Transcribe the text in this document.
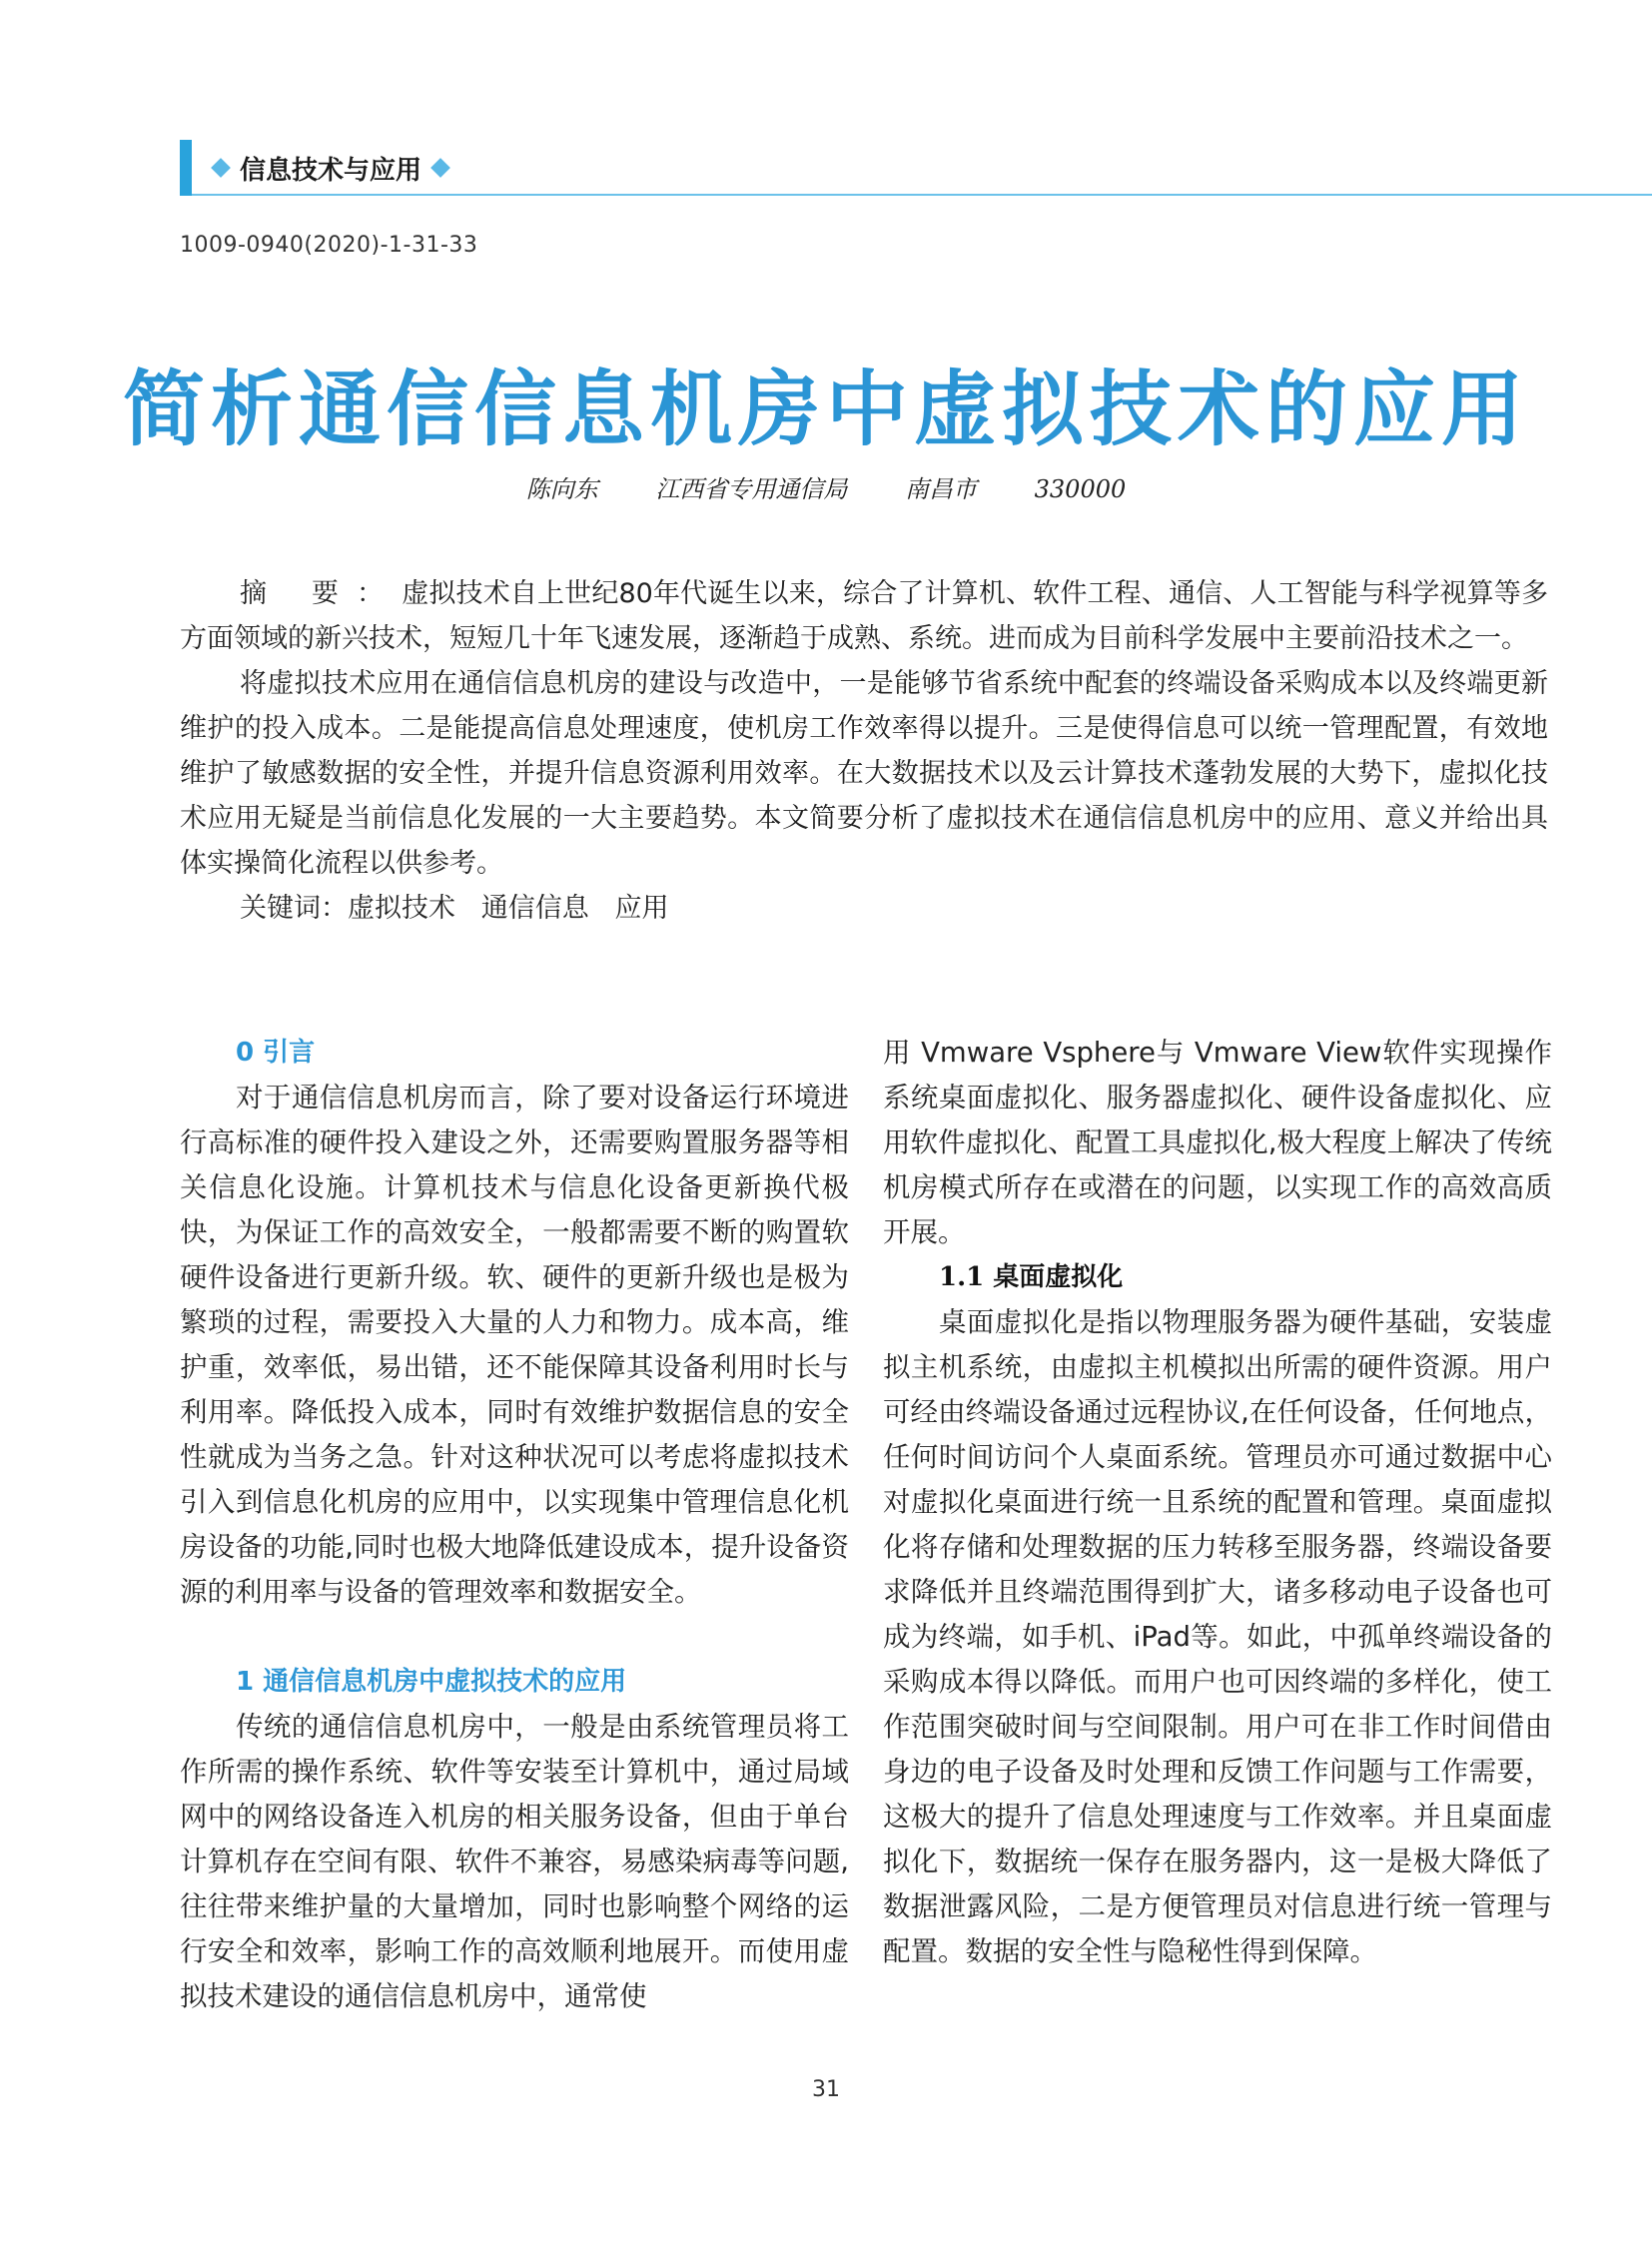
信息技术与应用
1009-0940(2020)-1-31-33
简析通信信息机房中虚拟技术的应用
陈向东 江西省专用通信局 南昌市 330000

摘 要：虚拟技术自上世纪80年代诞生以来，综合了计算机、软件工程、通信、人工智能与科学视算等多方面领域的新兴技术，短短几十年飞速发展，逐渐趋于成熟、系统。进而成为目前科学发展中主要前沿技术之一。

将虚拟技术应用在通信信息机房的建设与改造中，一是能够节省系统中配套的终端设备采购成本以及终端更新维护的投入成本。二是能提高信息处理速度，使机房工作效率得以提升。三是使得信息可以统一管理配置，有效地维护了敏感数据的安全性，并提升信息资源利用效率。在大数据技术以及云计算技术蓬勃发展的大势下，虚拟化技术应用无疑是当前信息化发展的一大主要趋势。本文简要分析了虚拟技术在通信信息机房中的应用、意义并给出具体实操简化流程以供参考。

关键词：虚拟技术 通信信息 应用

0 引言

对于通信信息机房而言，除了要对设备运行环境进行高标准的硬件投入建设之外，还需要购置服务器等相关信息化设施。计算机技术与信息化设备更新换代极快，为保证工作的高效安全，一般都需要不断的购置软硬件设备进行更新升级。软、硬件的更新升级也是极为繁琐的过程，需要投入大量的人力和物力。成本高，维护重，效率低，易出错，还不能保障其设备利用时长与利用率。降低投入成本，同时有效维护数据信息的安全性就成为当务之急。针对这种状况可以考虑将虚拟技术引入到信息化机房的应用中，以实现集中管理信息化机房设备的功能,同时也极大地降低建设成本，提升设备资源的利用率与设备的管理效率和数据安全。

1 通信信息机房中虚拟技术的应用

传统的通信信息机房中，一般是由系统管理员将工作所需的操作系统、软件等安装至计算机中，通过局域网中的网络设备连入机房的相关服务设备，但由于单台计算机存在空间有限、软件不兼容，易感染病毒等问题,往往带来维护量的大量增加，同时也影响整个网络的运行安全和效率，影响工作的高效顺利地展开。而使用虚拟技术建设的通信信息机房中，通常使

用 Vmware Vsphere与 Vmware View软件实现操作系统桌面虚拟化、服务器虚拟化、硬件设备虚拟化、应用软件虚拟化、配置工具虚拟化,极大程度上解决了传统机房模式所存在或潜在的问题，以实现工作的高效高质开展。

1.1 桌面虚拟化

桌面虚拟化是指以物理服务器为硬件基础，安装虚拟主机系统，由虚拟主机模拟出所需的硬件资源。用户可经由终端设备通过远程协议,在任何设备，任何地点，任何时间访问个人桌面系统。管理员亦可通过数据中心对虚拟化桌面进行统一且系统的配置和管理。桌面虚拟化将存储和处理数据的压力转移至服务器，终端设备要求降低并且终端范围得到扩大，诸多移动电子设备也可成为终端，如手机、iPad等。如此，中孤单终端设备的采购成本得以降低。而用户也可因终端的多样化，使工作范围突破时间与空间限制。用户可在非工作时间借由身边的电子设备及时处理和反馈工作问题与工作需要，这极大的提升了信息处理速度与工作效率。并且桌面虚拟化下，数据统一保存在服务器内，这一是极大降低了数据泄露风险，二是方便管理员对信息进行统一管理与配置。数据的安全性与隐秘性得到保障。

31
